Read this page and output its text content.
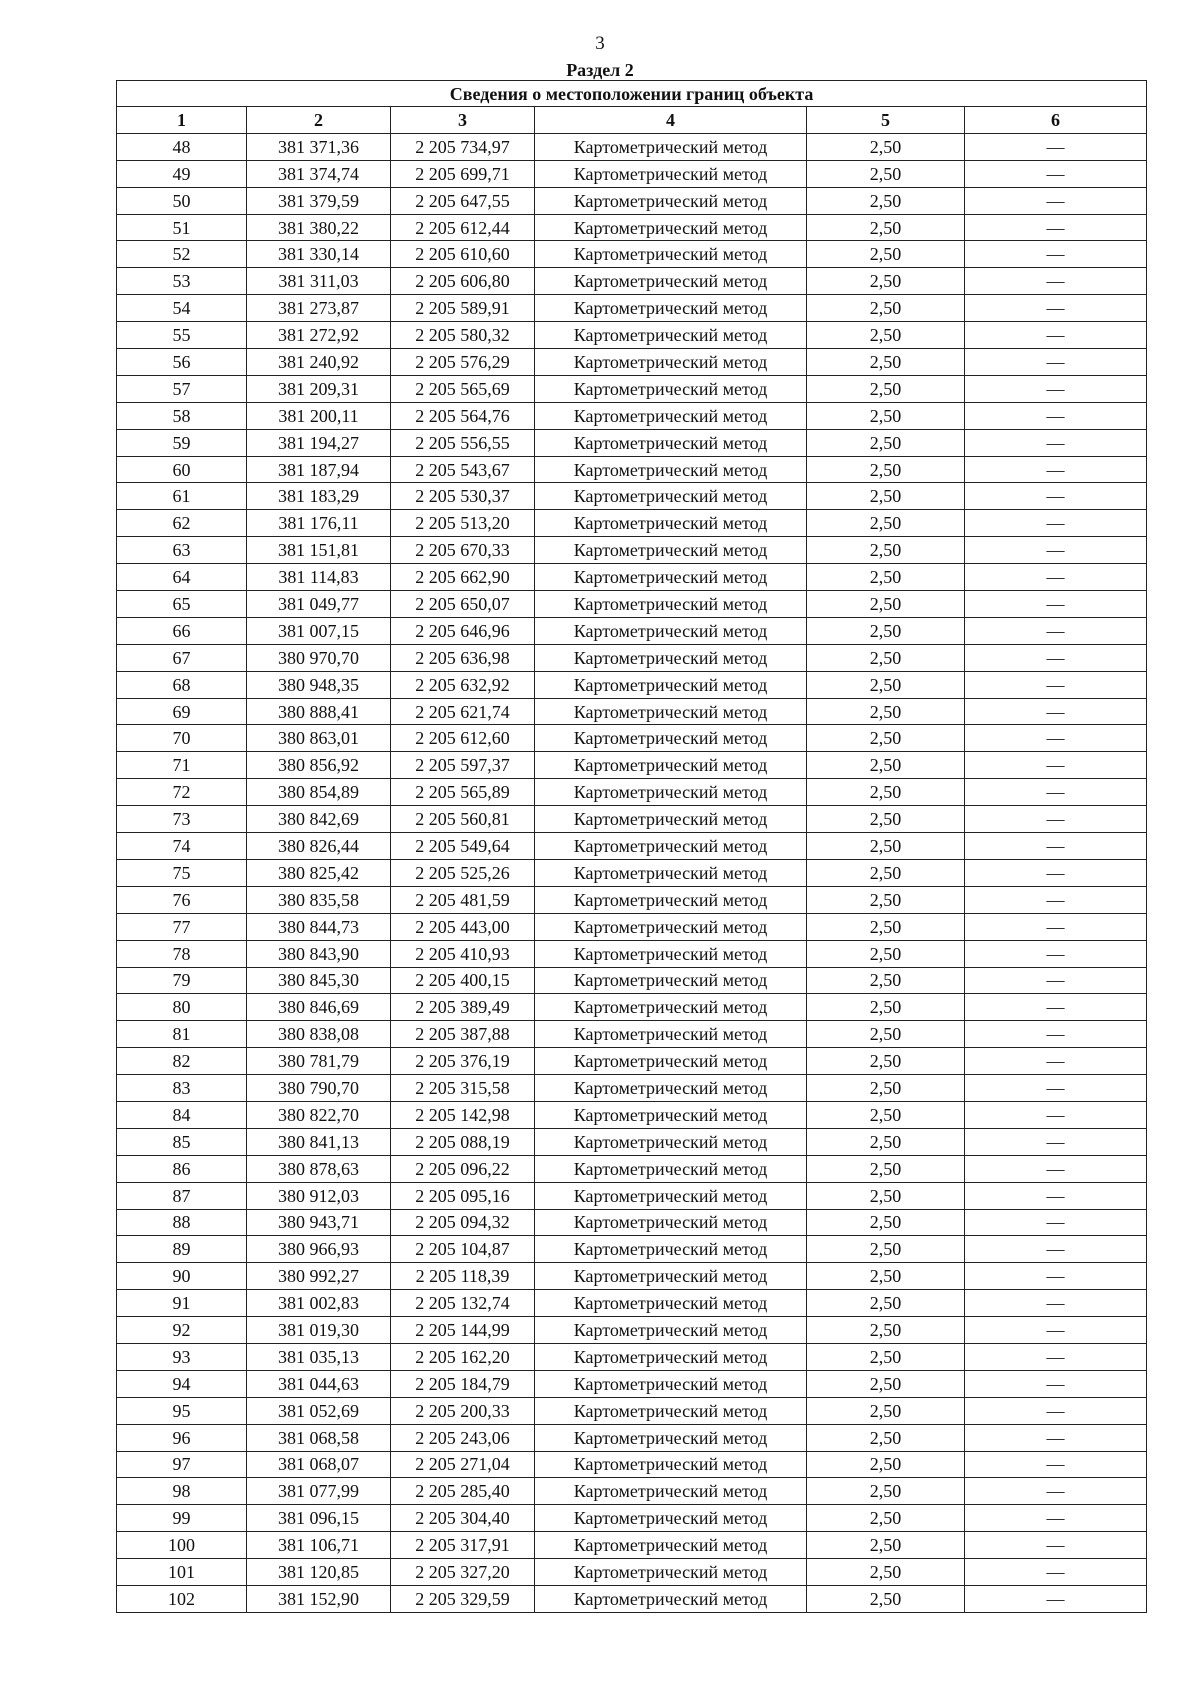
3
Раздел 2
Сведения о местоположении границ объекта					
1	2	3	4	5	6
48	381 371,36	2 205 734,97	Картометрический метод	2,50	—
49	381 374,74	2 205 699,71	Картометрический метод	2,50	—
50	381 379,59	2 205 647,55	Картометрический метод	2,50	—
51	381 380,22	2 205 612,44	Картометрический метод	2,50	—
52	381 330,14	2 205 610,60	Картометрический метод	2,50	—
53	381 311,03	2 205 606,80	Картометрический метод	2,50	—
54	381 273,87	2 205 589,91	Картометрический метод	2,50	—
55	381 272,92	2 205 580,32	Картометрический метод	2,50	—
56	381 240,92	2 205 576,29	Картометрический метод	2,50	—
57	381 209,31	2 205 565,69	Картометрический метод	2,50	—
58	381 200,11	2 205 564,76	Картометрический метод	2,50	—
59	381 194,27	2 205 556,55	Картометрический метод	2,50	—
60	381 187,94	2 205 543,67	Картометрический метод	2,50	—
61	381 183,29	2 205 530,37	Картометрический метод	2,50	—
62	381 176,11	2 205 513,20	Картометрический метод	2,50	—
63	381 151,81	2 205 670,33	Картометрический метод	2,50	—
64	381 114,83	2 205 662,90	Картометрический метод	2,50	—
65	381 049,77	2 205 650,07	Картометрический метод	2,50	—
66	381 007,15	2 205 646,96	Картометрический метод	2,50	—
67	380 970,70	2 205 636,98	Картометрический метод	2,50	—
68	380 948,35	2 205 632,92	Картометрический метод	2,50	—
69	380 888,41	2 205 621,74	Картометрический метод	2,50	—
70	380 863,01	2 205 612,60	Картометрический метод	2,50	—
71	380 856,92	2 205 597,37	Картометрический метод	2,50	—
72	380 854,89	2 205 565,89	Картометрический метод	2,50	—
73	380 842,69	2 205 560,81	Картометрический метод	2,50	—
74	380 826,44	2 205 549,64	Картометрический метод	2,50	—
75	380 825,42	2 205 525,26	Картометрический метод	2,50	—
76	380 835,58	2 205 481,59	Картометрический метод	2,50	—
77	380 844,73	2 205 443,00	Картометрический метод	2,50	—
78	380 843,90	2 205 410,93	Картометрический метод	2,50	—
79	380 845,30	2 205 400,15	Картометрический метод	2,50	—
80	380 846,69	2 205 389,49	Картометрический метод	2,50	—
81	380 838,08	2 205 387,88	Картометрический метод	2,50	—
82	380 781,79	2 205 376,19	Картометрический метод	2,50	—
83	380 790,70	2 205 315,58	Картометрический метод	2,50	—
84	380 822,70	2 205 142,98	Картометрический метод	2,50	—
85	380 841,13	2 205 088,19	Картометрический метод	2,50	—
86	380 878,63	2 205 096,22	Картометрический метод	2,50	—
87	380 912,03	2 205 095,16	Картометрический метод	2,50	—
88	380 943,71	2 205 094,32	Картометрический метод	2,50	—
89	380 966,93	2 205 104,87	Картометрический метод	2,50	—
90	380 992,27	2 205 118,39	Картометрический метод	2,50	—
91	381 002,83	2 205 132,74	Картометрический метод	2,50	—
92	381 019,30	2 205 144,99	Картометрический метод	2,50	—
93	381 035,13	2 205 162,20	Картометрический метод	2,50	—
94	381 044,63	2 205 184,79	Картометрический метод	2,50	—
95	381 052,69	2 205 200,33	Картометрический метод	2,50	—
96	381 068,58	2 205 243,06	Картометрический метод	2,50	—
97	381 068,07	2 205 271,04	Картометрический метод	2,50	—
98	381 077,99	2 205 285,40	Картометрический метод	2,50	—
99	381 096,15	2 205 304,40	Картометрический метод	2,50	—
100	381 106,71	2 205 317,91	Картометрический метод	2,50	—
101	381 120,85	2 205 327,20	Картометрический метод	2,50	—
102	381 152,90	2 205 329,59	Картометрический метод	2,50	—
